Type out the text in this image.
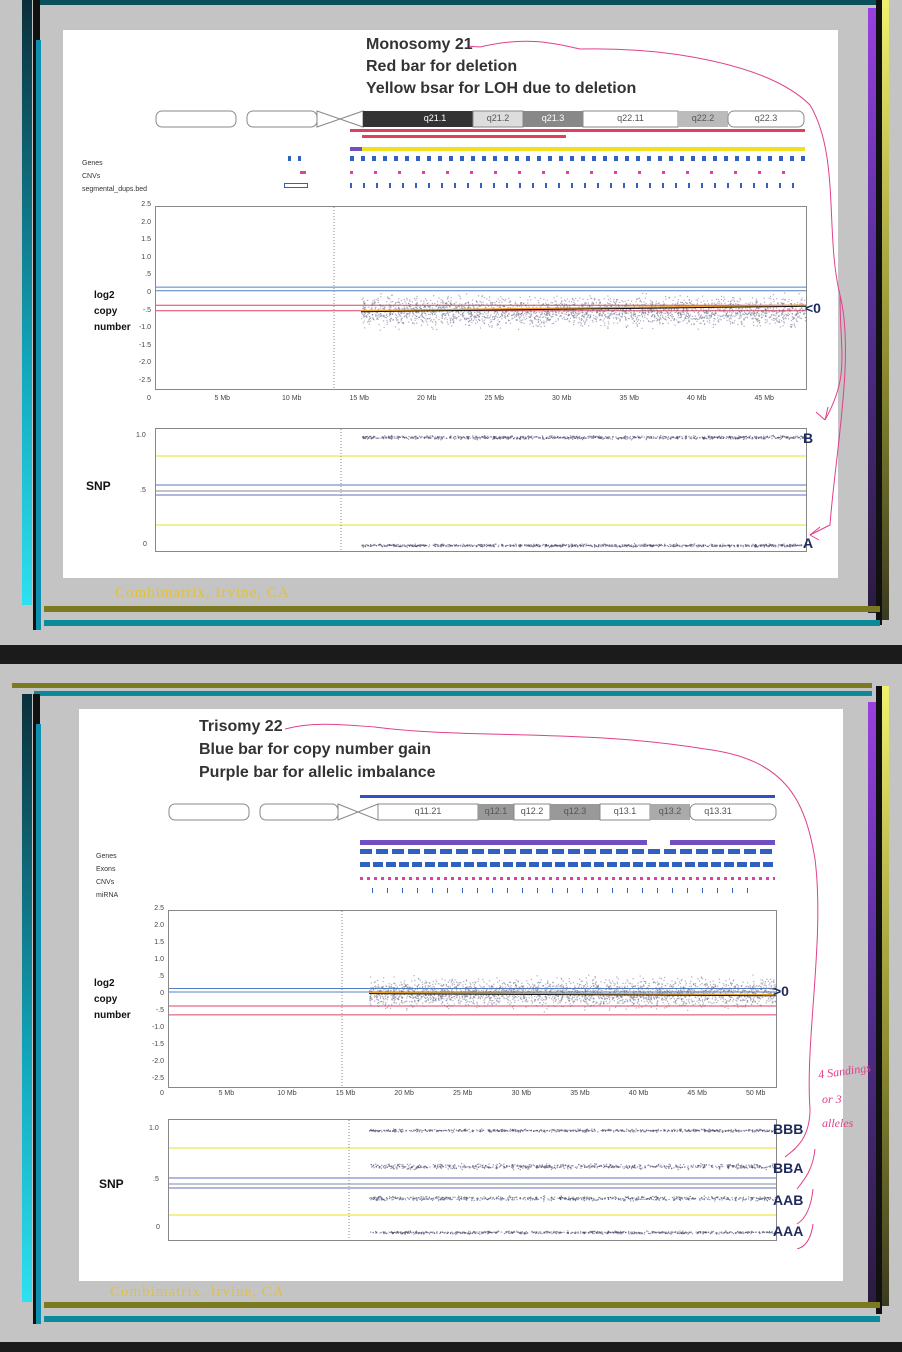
Monosomy 21
Red bar for deletion
Yellow bsar for LOH due to deletion
q21.1	q21.2	q21.3	q22.11	q22.2	q22.3
Genes
CNVs
segmental_dups.bed
log2
copy
number
2.5
2.0
1.5
1.0
.5
0
-.5
-1.0
-1.5
-2.0
-2.5
0	5 Mb	10 Mb	15 Mb	20 Mb	25 Mb	30 Mb	35 Mb	40 Mb	45 Mb
<0
SNP
1.0
.5
0
B
A
Combimatrix, Irvine, CA
Trisomy 22
Blue bar for copy number gain
Purple bar for allelic imbalance
q11.21	q12.1	q12.2	q12.3	q13.1	q13.2	q13.31
Genes
Exons
CNVs
miRNA
log2
copy
number
2.5
2.0
1.5
1.0
.5
0
-.5
-1.0
-1.5
-2.0
-2.5
0	5 Mb	10 Mb	15 Mb	20 Mb	25 Mb	30 Mb	35 Mb	40 Mb	45 Mb	50 Mb
>0
SNP
1.0
.5
0
BBB
BBA
AAB
AAA
4 Sandings
or 3
alleles
Combimatrix, Irvine, CA
